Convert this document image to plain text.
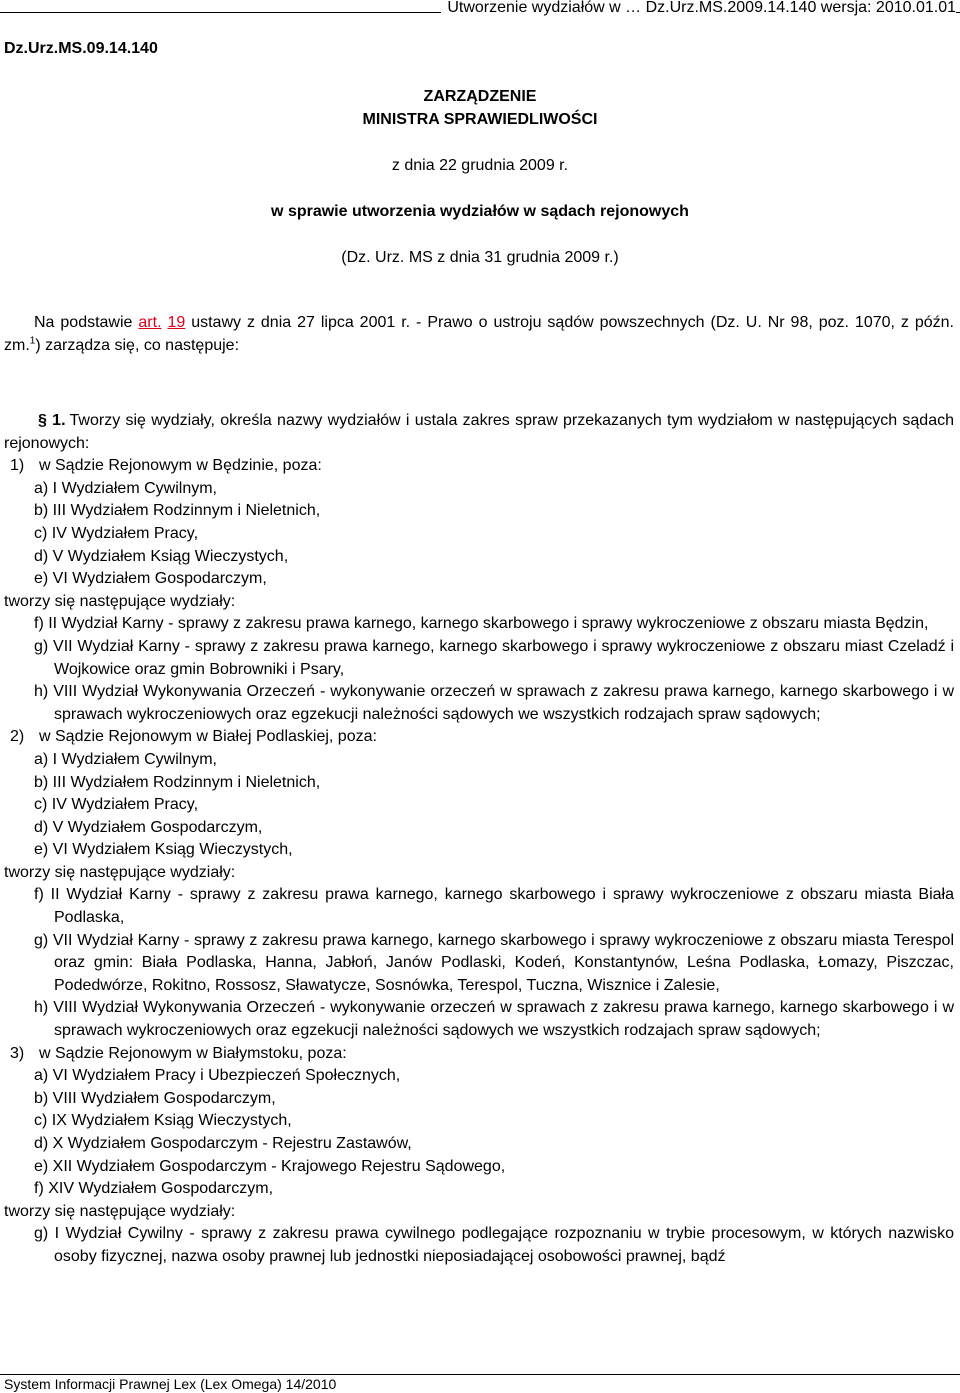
Utworzenie wydziałów w … Dz.Urz.MS.2009.14.140 wersja: 2010.01.01
Dz.Urz.MS.09.14.140
ZARZĄDZENIE
MINISTRA SPRAWIEDLIWOŚCI
z dnia 22 grudnia 2009 r.
w sprawie utworzenia wydziałów w sądach rejonowych
(Dz. Urz. MS z dnia 31 grudnia 2009 r.)
Na podstawie art. 19 ustawy z dnia 27 lipca 2001 r. - Prawo o ustroju sądów powszechnych (Dz. U. Nr 98, poz. 1070, z późn. zm.$^1$) zarządza się, co następuje:
§ 1. Tworzy się wydziały, określa nazwy wydziałów i ustala zakres spraw przekazanych tym wydziałom w następujących sądach rejonowych:
1) w Sądzie Rejonowym w Będzinie, poza:
a) I Wydziałem Cywilnym,
b) III Wydziałem Rodzinnym i Nieletnich,
c) IV Wydziałem Pracy,
d) V Wydziałem Ksiąg Wieczystych,
e) VI Wydziałem Gospodarczym,
tworzy się następujące wydziały:
f) II Wydział Karny - sprawy z zakresu prawa karnego, karnego skarbowego i sprawy wykroczeniowe z obszaru miasta Będzin,
g) VII Wydział Karny - sprawy z zakresu prawa karnego, karnego skarbowego i sprawy wykroczeniowe z obszaru miast Czeladź i Wojkowice oraz gmin Bobrowniki i Psary,
h) VIII Wydział Wykonywania Orzeczeń - wykonywanie orzeczeń w sprawach z zakresu prawa karnego, karnego skarbowego i w sprawach wykroczeniowych oraz egzekucji należności sądowych we wszystkich rodzajach spraw sądowych;
2) w Sądzie Rejonowym w Białej Podlaskiej, poza:
a) I Wydziałem Cywilnym,
b) III Wydziałem Rodzinnym i Nieletnich,
c) IV Wydziałem Pracy,
d) V Wydziałem Gospodarczym,
e) VI Wydziałem Ksiąg Wieczystych,
tworzy się następujące wydziały:
f) II Wydział Karny - sprawy z zakresu prawa karnego, karnego skarbowego i sprawy wykroczeniowe z obszaru miasta Biała Podlaska,
g) VII Wydział Karny - sprawy z zakresu prawa karnego, karnego skarbowego i sprawy wykroczeniowe z obszaru miasta Terespol oraz gmin: Biała Podlaska, Hanna, Jabłoń, Janów Podlaski, Kodeń, Konstantynów, Leśna Podlaska, Łomazy, Piszczac, Podedwórze, Rokitno, Rossosz, Sławatycze, Sosnówka, Terespol, Tuczna, Wisznice i Zalesie,
h) VIII Wydział Wykonywania Orzeczeń - wykonywanie orzeczeń w sprawach z zakresu prawa karnego, karnego skarbowego i w sprawach wykroczeniowych oraz egzekucji należności sądowych we wszystkich rodzajach spraw sądowych;
3) w Sądzie Rejonowym w Białymstoku, poza:
a) VI Wydziałem Pracy i Ubezpieczeń Społecznych,
b) VIII Wydziałem Gospodarczym,
c) IX Wydziałem Ksiąg Wieczystych,
d) X Wydziałem Gospodarczym - Rejestru Zastawów,
e) XII Wydziałem Gospodarczym - Krajowego Rejestru Sądowego,
f) XIV Wydziałem Gospodarczym,
tworzy się następujące wydziały:
g) I Wydział Cywilny - sprawy z zakresu prawa cywilnego podlegające rozpoznaniu w trybie procesowym, w których nazwisko osoby fizycznej, nazwa osoby prawnej lub jednostki nieposiadającej osobowości prawnej, bądź
System Informacji Prawnej Lex (Lex Omega) 14/2010
